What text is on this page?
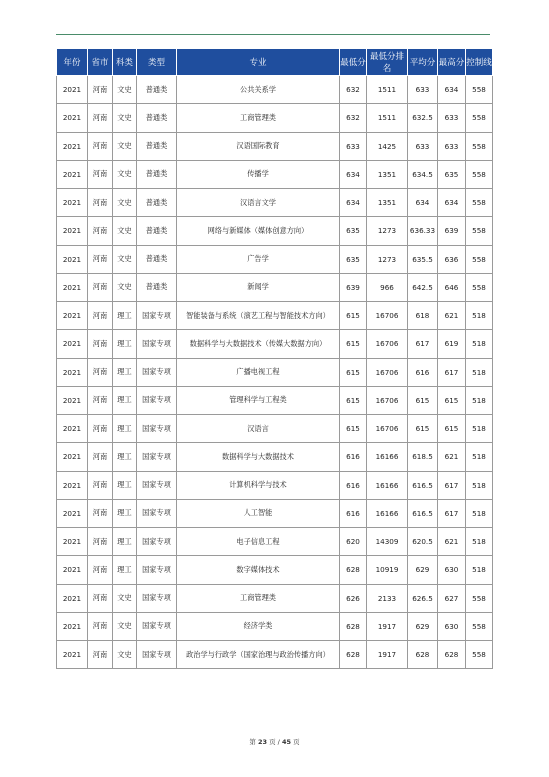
年份	省市	科类	类型	专业	最低分	最低分排名	平均分	最高分	控制线
2021	河南	文史	普通类	公共关系学	632	1511	633	634	558
2021	河南	文史	普通类	工商管理类	632	1511	632.5	633	558
2021	河南	文史	普通类	汉语国际教育	633	1425	633	633	558
2021	河南	文史	普通类	传播学	634	1351	634.5	635	558
2021	河南	文史	普通类	汉语言文学	634	1351	634	634	558
2021	河南	文史	普通类	网络与新媒体（媒体创意方向）	635	1273	636.33	639	558
2021	河南	文史	普通类	广告学	635	1273	635.5	636	558
2021	河南	文史	普通类	新闻学	639	966	642.5	646	558
2021	河南	理工	国家专项	智能装备与系统（演艺工程与智能技术方向）	615	16706	618	621	518
2021	河南	理工	国家专项	数据科学与大数据技术（传媒大数据方向）	615	16706	617	619	518
2021	河南	理工	国家专项	广播电视工程	615	16706	616	617	518
2021	河南	理工	国家专项	管理科学与工程类	615	16706	615	615	518
2021	河南	理工	国家专项	汉语言	615	16706	615	615	518
2021	河南	理工	国家专项	数据科学与大数据技术	616	16166	618.5	621	518
2021	河南	理工	国家专项	计算机科学与技术	616	16166	616.5	617	518
2021	河南	理工	国家专项	人工智能	616	16166	616.5	617	518
2021	河南	理工	国家专项	电子信息工程	620	14309	620.5	621	518
2021	河南	理工	国家专项	数字媒体技术	628	10919	629	630	518
2021	河南	文史	国家专项	工商管理类	626	2133	626.5	627	558
2021	河南	文史	国家专项	经济学类	628	1917	629	630	558
2021	河南	文史	国家专项	政治学与行政学（国家治理与政治传播方向）	628	1917	628	628	558
第 23 页 / 45 页
